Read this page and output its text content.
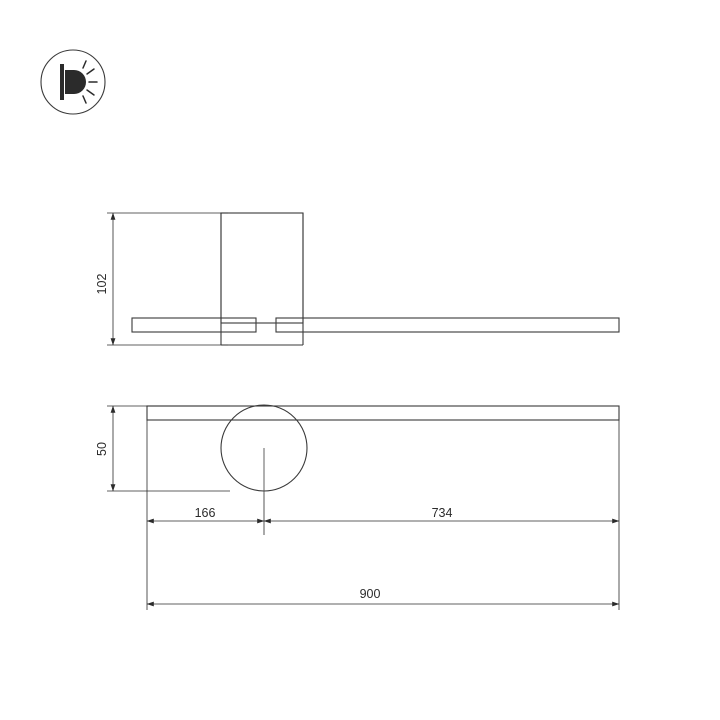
102
50
166	734
900
